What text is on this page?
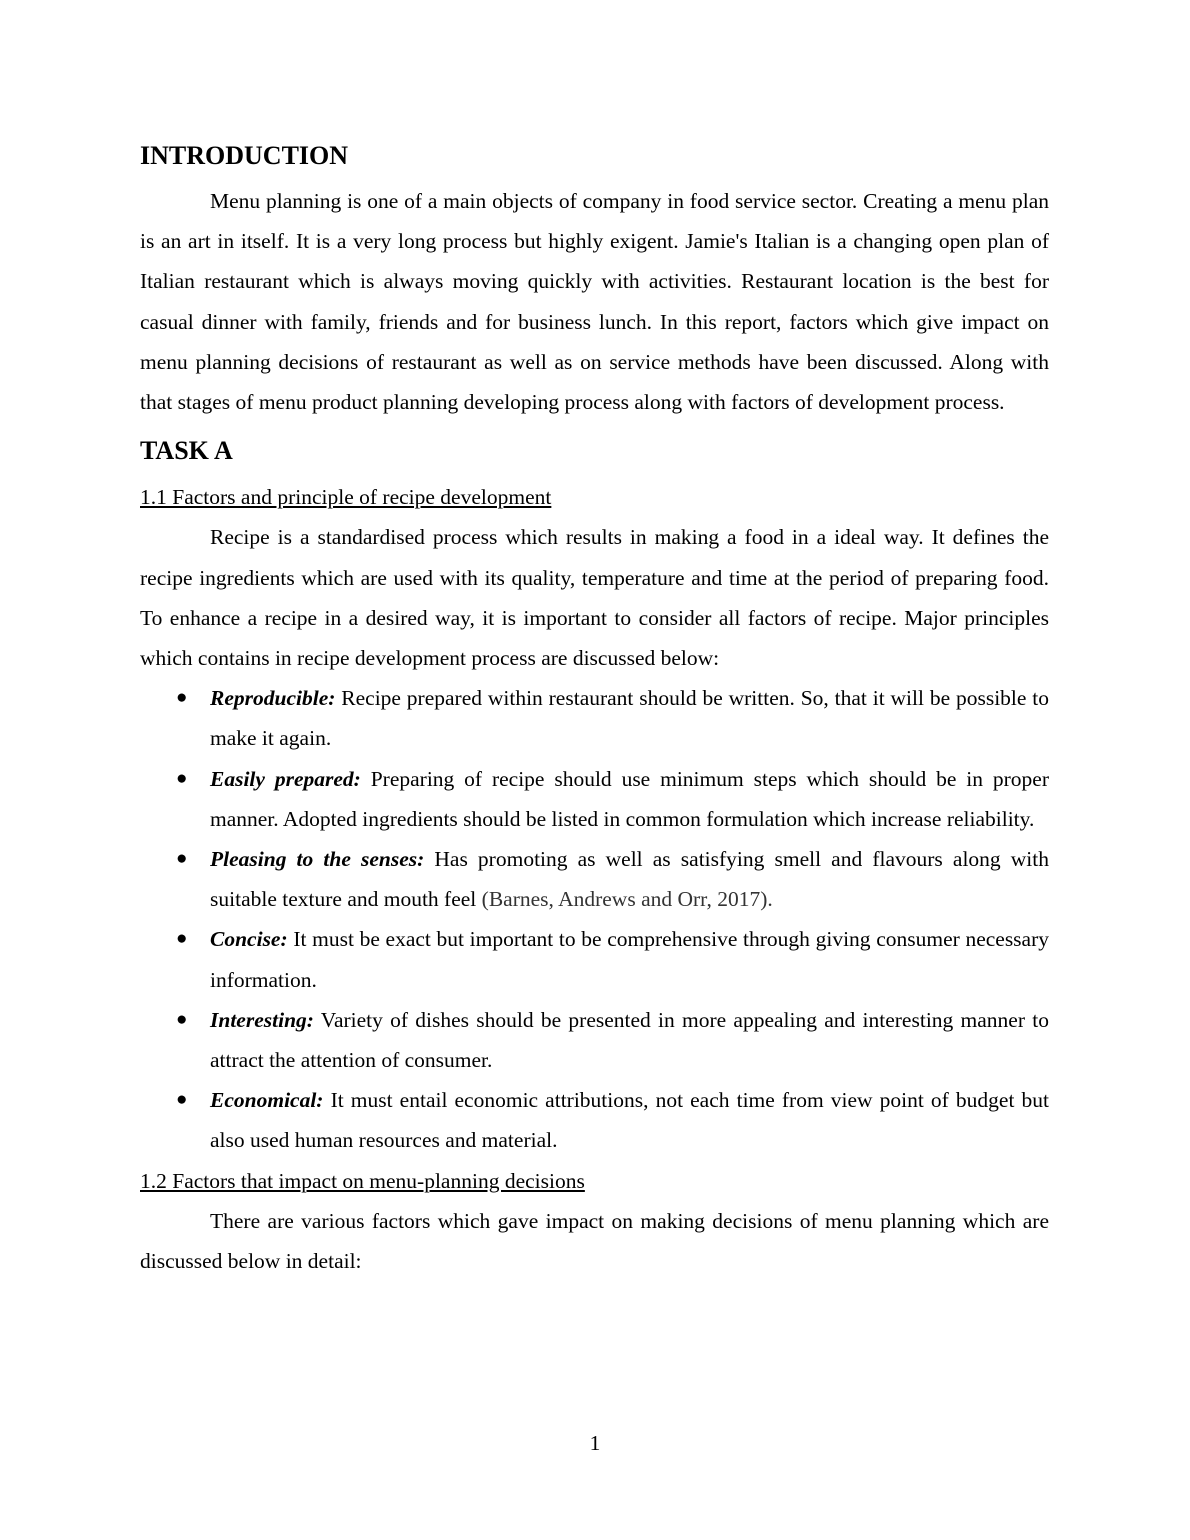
INTRODUCTION

Menu planning is one of a main objects of company in food service sector. Creating a menu plan is an art in itself. It is a very long process but highly exigent. Jamie's Italian is a changing open plan of Italian restaurant which is always moving quickly with activities. Restaurant location is the best for casual dinner with family, friends and for business lunch. In this report, factors which give impact on menu planning decisions of restaurant as well as on service methods have been discussed. Along with that stages of menu product planning developing process along with factors of development process.

TASK A
1.1 Factors and principle of recipe development

Recipe is a standardised process which results in making a food in a ideal way. It defines the recipe ingredients which are used with its quality, temperature and time at the period of preparing food. To enhance a recipe in a desired way, it is important to consider all factors of recipe. Major principles which contains in recipe development process are discussed below:

● Reproducible: Recipe prepared within restaurant should be written. So, that it will be possible to make it again.
● Easily prepared: Preparing of recipe should use minimum steps which should be in proper manner. Adopted ingredients should be listed in common formulation which increase reliability.
● Pleasing to the senses: Has promoting as well as satisfying smell and flavours along with suitable texture and mouth feel (Barnes, Andrews and Orr, 2017).
● Concise: It must be exact but important to be comprehensive through giving consumer necessary information.
● Interesting: Variety of dishes should be presented in more appealing and interesting manner to attract the attention of consumer.
● Economical: It must entail economic attributions, not each time from view point of budget but also used human resources and material.
1.2 Factors that impact on menu-planning decisions

There are various factors which gave impact on making decisions of menu planning which are discussed below in detail:

1
